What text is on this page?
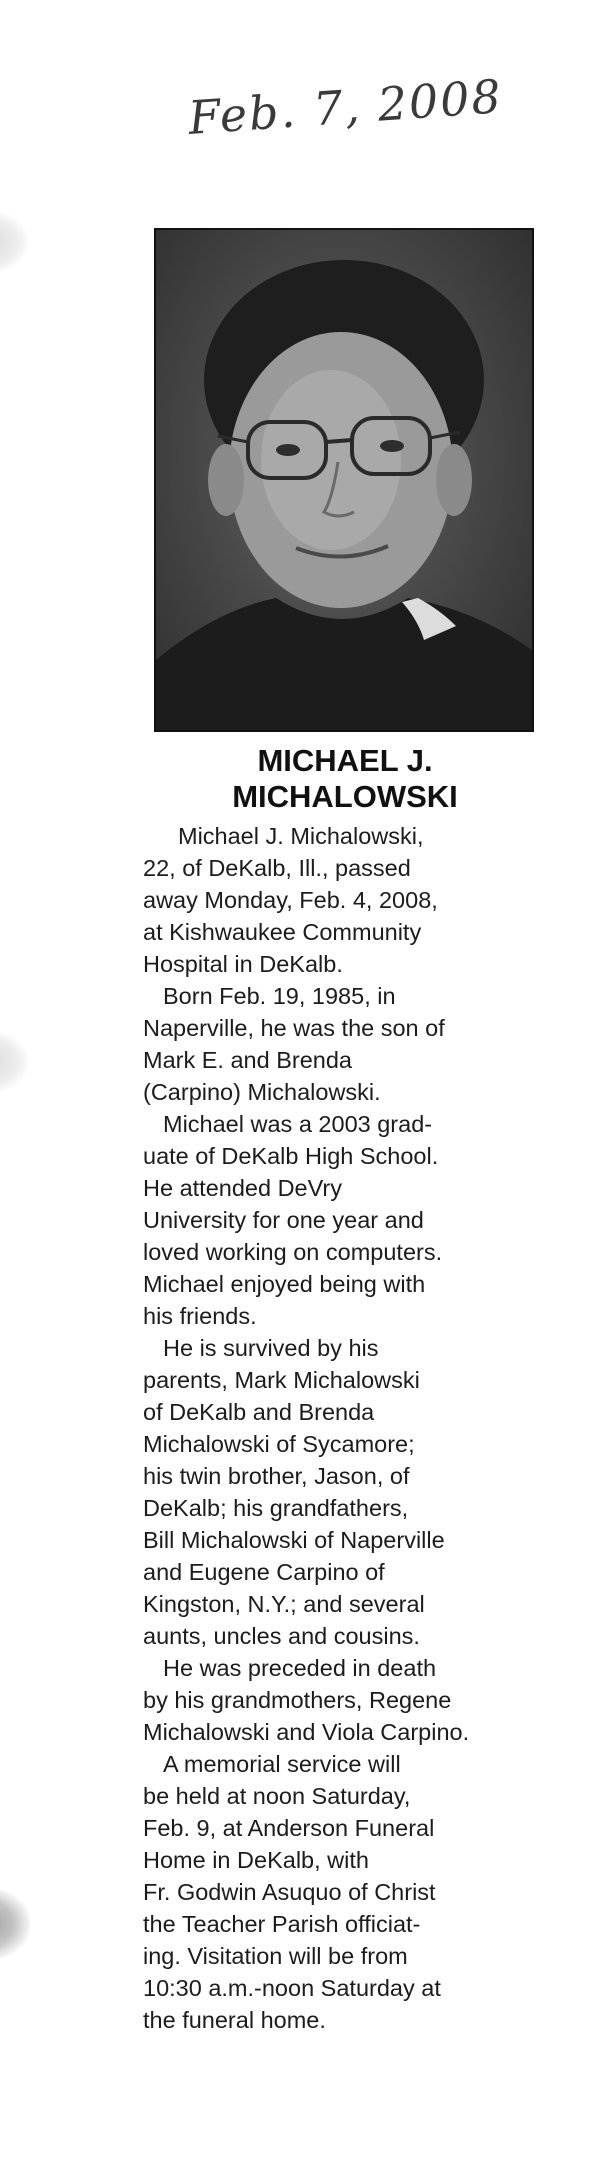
Feb. 7, 2008
MICHAEL J.
MICHALOWSKI
Michael J. Michalowski,
22, of DeKalb, Ill., passed
away Monday, Feb. 4, 2008,
at Kishwaukee Community
Hospital in DeKalb.
Born Feb. 19, 1985, in
Naperville, he was the son of
Mark E. and Brenda
(Carpino) Michalowski.
Michael was a 2003 grad-
uate of DeKalb High School.
He attended DeVry
University for one year and
loved working on computers.
Michael enjoyed being with
his friends.
He is survived by his
parents, Mark Michalowski
of DeKalb and Brenda
Michalowski of Sycamore;
his twin brother, Jason, of
DeKalb; his grandfathers,
Bill Michalowski of Naperville
and Eugene Carpino of
Kingston, N.Y.; and several
aunts, uncles and cousins.
He was preceded in death
by his grandmothers, Regene
Michalowski and Viola Carpino.
A memorial service will
be held at noon Saturday,
Feb. 9, at Anderson Funeral
Home in DeKalb, with
Fr. Godwin Asuquo of Christ
the Teacher Parish officiat-
ing. Visitation will be from
10:30 a.m.-noon Saturday at
the funeral home.
